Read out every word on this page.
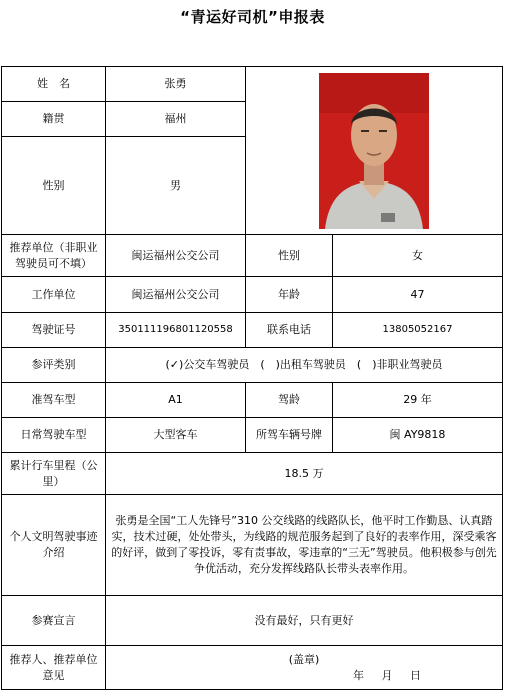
“青运好司机”申报表
姓　名	张勇	

籍贯	福州		
性别	男		
推荐单位（非职业驾驶员可不填）	闽运福州公交公司	性别	女
工作单位	闽运福州公交公司	年龄	47
驾驶证号	350111196801120558	联系电话	13805052167
参评类别	(✓)公交车驾驶员　(　)出租车驾驶员　(　)非职业驾驶员		
准驾车型	A1	驾龄	29 年
日常驾驶车型	大型客车	所驾车辆号牌	闽 AY9818
累计行车里程（公里）	18.5 万		
个人文明驾驶事迹介绍	张勇是全国“工人先锋号”310 公交线路的线路队长，他平时工作勤恳、认真踏实，技术过硬，处处带头，为线路的规范服务起到了良好的表率作用，深受乘客的好评，做到了零投诉，零有责事故，零违章的“三无”驾驶员。他积极参与创先争优活动，充分发挥线路队长带头表率作用。		
参赛宣言	没有最好，只有更好		
推荐人、推荐单位意见	(盖章)
年 月 日		
